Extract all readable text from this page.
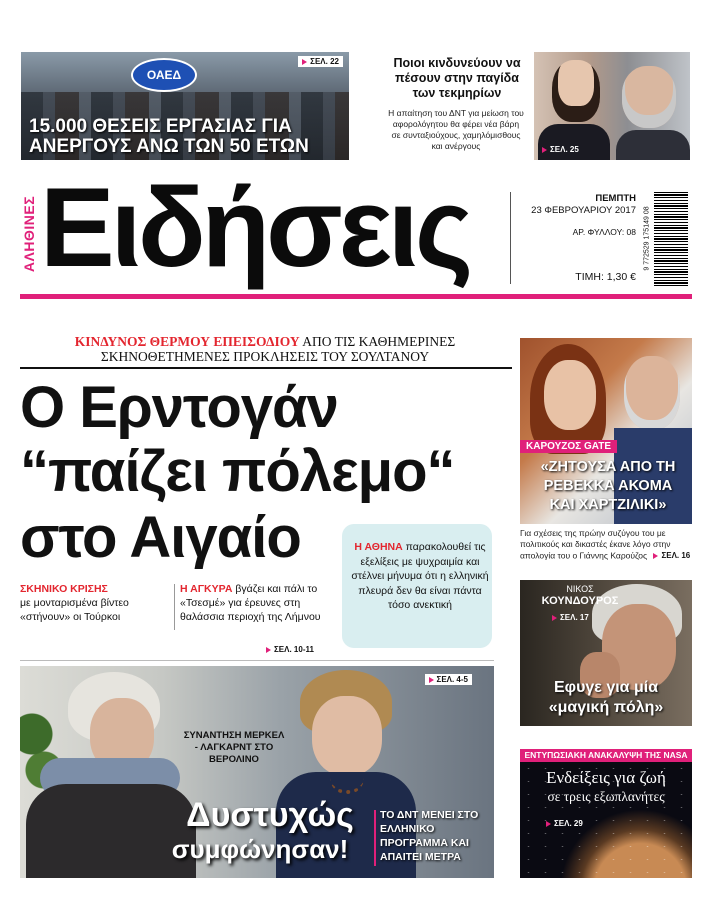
ΟΑΕΔ
ΣΕΛ. 22
15.000 ΘΕΣΕΙΣ ΕΡΓΑΣΙΑΣ ΓΙΑ
ΑΝΕΡΓΟΥΣ ΑΝΩ ΤΩΝ 50 ΕΤΩΝ
Ποιοι κινδυνεύουν να πέσουν στην παγίδα των τεκμηρίων
Η απαίτηση του ΔΝΤ για μείωση του αφορολόγητου θα φέρει νέα βάρη σε συνταξιούχους, χαμηλόμισθους και ανέργους	ΣΕΛ. 25
ΑΛΗΘΙΝΕΣ Ειδήσεις	ΠΕΜΠΤΗ
23 ΦΕΒΡΟΥΑΡΙΟΥ 2017
ΑΡ. ΦΥΛΛΟΥ: 08
ΤΙΜΗ: 1,30 €
9 772529 175149 08
ΚΙΝΔΥΝΟΣ ΘΕΡΜΟΥ ΕΠΕΙΣΟΔΙΟΥ ΑΠΟ ΤΙΣ ΚΑΘΗΜΕΡΙΝΕΣ
ΣΚΗΝΟΘΕΤΗΜΕΝΕΣ ΠΡΟΚΛΗΣΕΙΣ ΤΟΥ ΣΟΥΛΤΑΝΟΥ
Ο Ερντογάν
“παίζει πόλεμο“
στο Αιγαίο
ΣΚΗΝΙΚΟ ΚΡΙΣΗΣ
με μονταρισμένα βίντεο «στήνουν» οι Τούρκοι
Η ΑΓΚΥΡΑ βγάζει και πάλι το «Τσεσμέ» για έρευνες στη θαλάσσια περιοχή της Λήμνου
Η ΑΘΗΝΑ παρακολουθεί τις εξελίξεις με ψυχραιμία και στέλνει μήνυμα ότι η ελληνική πλευρά δεν θα είναι πάντα τόσο ανεκτική
ΣΕΛ. 10-11
ΣΕΛ. 4-5
ΣΥΝΑΝΤΗΣΗ ΜΕΡΚΕΛ - ΛΑΓΚΑΡΝΤ ΣΤΟ ΒΕΡΟΛΙΝΟ
Δυστυχώς
συμφώνησαν!
ΤΟ ΔΝΤ ΜΕΝΕΙ ΣΤΟ ΕΛΛΗΝΙΚΟ ΠΡΟΓΡΑΜΜΑ ΚΑΙ ΑΠΑΙΤΕΙ ΜΕΤΡΑ
ΚΑΡΟΥΖΟΣ GATE
«ΖΗΤΟΥΣΑ ΑΠΟ ΤΗ
ΡΕΒΕΚΚΑ ΑΚΟΜΑ
ΚΑΙ ΧΑΡΤΖΙΛΙΚΙ»
Για σχέσεις της πρώην συζύγου του με πολιτικούς και δικαστές έκανε λόγο στην απολογία του ο Γιάννης Καρούζος ΣΕΛ. 16
ΝΙΚΟΣ
ΚΟΥΝΔΟΥΡΟΣ
ΣΕΛ. 17
Εφυγε για μία
«μαγική πόλη»
ΕΝΤΥΠΩΣΙΑΚΗ ΑΝΑΚΑΛΥΨΗ ΤΗΣ NASA
Ενδείξεις για ζωή
σε τρεις εξωπλανήτες
ΣΕΛ. 29
